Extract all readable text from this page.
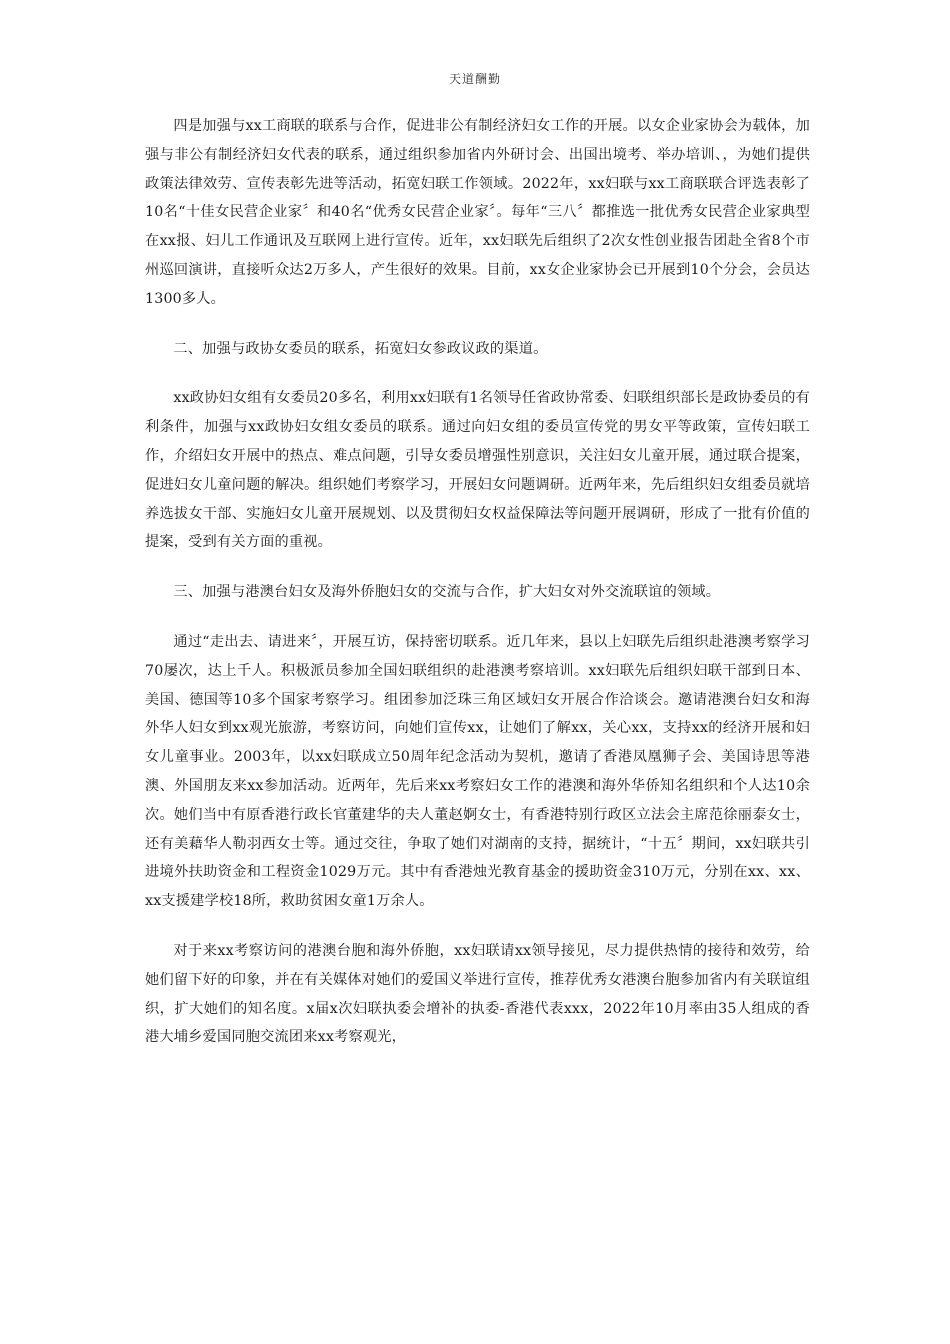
天道酬勤

四是加强与xx工商联的联系与合作，促进非公有制经济妇女工作的开展。以女企业家协会为载体，加强与非公有制经济妇女代表的联系，通过组织参加省内外研讨会、出国出境考、举办培训、，为她们提供政策法律效劳、宣传表彰先进等活动，拓宽妇联工作领域。2022年，xx妇联与xx工商联联合评选表彰了10名“十佳女民营企业家〞和40名“优秀女民营企业家〞。每年“三八〞都推选一批优秀女民营企业家典型在xx报、妇儿工作通讯及互联网上进行宣传。近年，xx妇联先后组织了2次女性创业报告团赴全省8个市州巡回演讲，直接听众达2万多人，产生很好的效果。目前，xx女企业家协会已开展到10个分会，会员达1300多人。

二、加强与政协女委员的联系，拓宽妇女参政议政的渠道。

xx政协妇女组有女委员20多名，利用xx妇联有1名领导任省政协常委、妇联组织部长是政协委员的有利条件，加强与xx政协妇女组女委员的联系。通过向妇女组的委员宣传党的男女平等政策，宣传妇联工作，介绍妇女开展中的热点、难点问题，引导女委员增强性别意识，关注妇女儿童开展，通过联合提案，促进妇女儿童问题的解决。组织她们考察学习，开展妇女问题调研。近两年来，先后组织妇女组委员就培养选拔女干部、实施妇女儿童开展规划、以及贯彻妇女权益保障法等问题开展调研，形成了一批有价值的提案，受到有关方面的重视。

三、加强与港澳台妇女及海外侨胞妇女的交流与合作，扩大妇女对外交流联谊的领域。

通过“走出去、请进来〞，开展互访，保持密切联系。近几年来，县以上妇联先后组织赴港澳考察学习70屡次，达上千人。积极派员参加全国妇联组织的赴港澳考察培训。xx妇联先后组织妇联干部到日本、美国、德国等10多个国家考察学习。组团参加泛珠三角区域妇女开展合作洽谈会。邀请港澳台妇女和海外华人妇女到xx观光旅游，考察访问，向她们宣传xx，让她们了解xx，关心xx，支持xx的经济开展和妇女儿童事业。2003年，以xx妇联成立50周年纪念活动为契机，邀请了香港凤凰狮子会、美国诗思等港澳、外国朋友来xx参加活动。近两年，先后来xx考察妇女工作的港澳和海外华侨知名组织和个人达10余次。她们当中有原香港行政长官董建华的夫人董赵婀女士，有香港特别行政区立法会主席范徐丽泰女士，还有美藉华人勒羽西女士等。通过交往，争取了她们对湖南的支持，据统计，“十五〞期间，xx妇联共引进境外扶助资金和工程资金1029万元。其中有香港烛光教育基金的援助资金310万元，分别在xx、xx、xx支援建学校18所，救助贫困女童1万余人。

对于来xx考察访问的港澳台胞和海外侨胞，xx妇联请xx领导接见，尽力提供热情的接待和效劳，给她们留下好的印象，并在有关媒体对她们的爱国义举进行宣传，推荐优秀女港澳台胞参加省内有关联谊组织，扩大她们的知名度。x届x次妇联执委会增补的执委-香港代表xxx，2022年10月率由35人组成的香港大埔乡爱国同胞交流团来xx考察观光，
